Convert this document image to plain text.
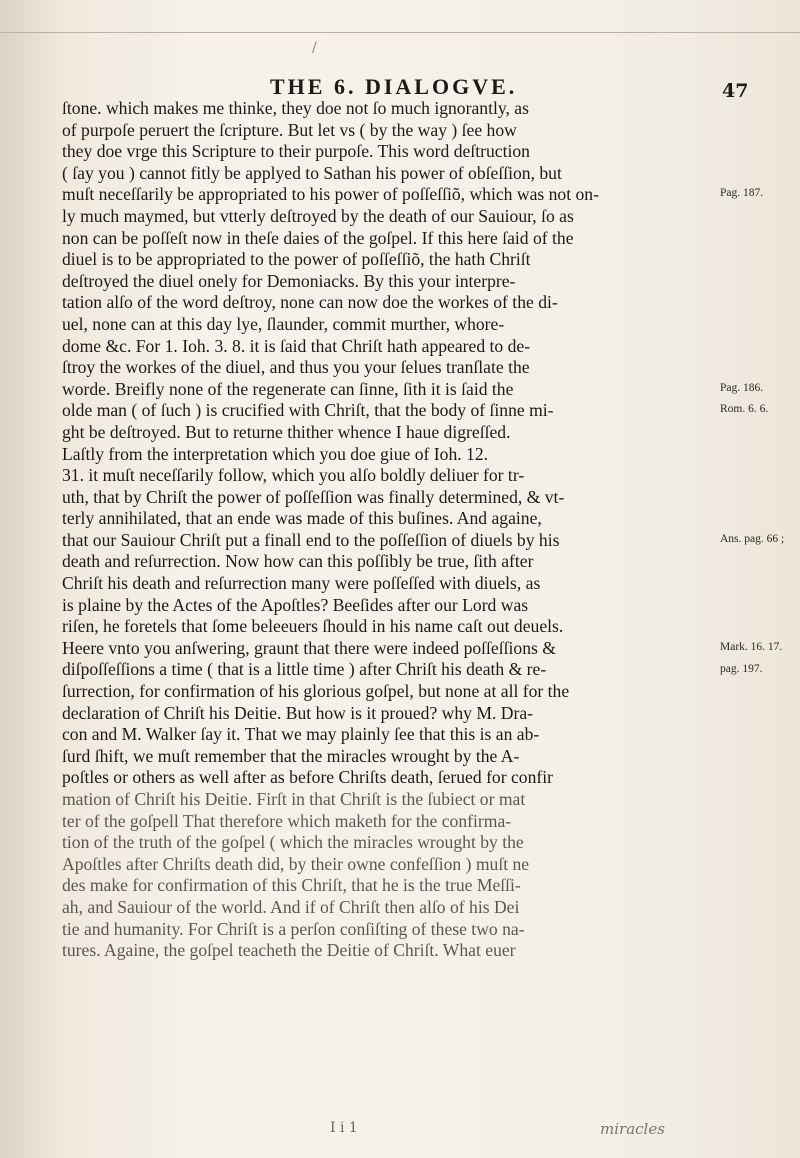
/
THE 6. DIALOGVE.	47
ſtone. which makes me thinke, they doe not ſo much ignorantly, as
of purpoſe peruert the ſcripture. But let vs ( by the way ) ſee how
they doe vrge this Scripture to their purpoſe. This word deſtruction
( ſay you ) cannot fitly be applyed to Sathan his power of obſeſſion, but
muſt neceſſarily be appropriated to his power of poſſeſſiõ, which was not on-
ly much maymed, but vtterly deſtroyed by the death of our Sauiour, ſo as
non can be poſſeſt now in theſe daies of the goſpel. If this here ſaid of the
diuel is to be appropriated to the power of poſſeſſiõ, the hath Chriſt
deſtroyed the diuel onely for Demoniacks. By this your interpre-
tation alſo of the word deſtroy, none can now doe the workes of the di-
uel, none can at this day lye, ſlaunder, commit murther, whore-
dome &c. For 1. Ioh. 3. 8. it is ſaid that Chriſt hath appeared to de-
ſtroy the workes of the diuel, and thus you your ſelues tranſlate the
worde. Breifly none of the regenerate can ſinne, ſith it is ſaid the
olde man ( of ſuch ) is crucified with Chriſt, that the body of ſinne mi-
ght be deſtroyed. But to returne thither whence I haue digreſſed.
Laſtly from the interpretation which you doe giue of Ioh. 12.
31. it muſt neceſſarily follow, which you alſo boldly deliuer for tr-
uth, that by Chriſt the power of poſſeſſion was finally determined, & vt-
terly annihilated, that an ende was made of this buſines. And againe,
that our Sauiour Chriſt put a finall end to the poſſeſſion of diuels by his
death and reſurrection. Now how can this poſſibly be true, ſith after
Chriſt his death and reſurrection many were poſſeſſed with diuels, as
is plaine by the Actes of the Apoſtles? Beeſides after our Lord was
riſen, he foretels that ſome beleeuers ſhould in his name caſt out deuels.
Heere vnto you anſwering, graunt that there were indeed poſſeſſions &
diſpoſſeſſions a time ( that is a little time ) after Chriſt his death & re-
ſurrection, for confirmation of his glorious goſpel, but none at all for the
declaration of Chriſt his Deitie. But how is it proued? why M. Dra-
con and M. Walker ſay it. That we may plainly ſee that this is an ab-
ſurd ſhift, we muſt remember that the miracles wrought by the A-
poſtles or others as well after as before Chriſts death, ſerued for confir
mation of Chriſt his Deitie. Firſt in that Chriſt is the ſubiect or mat
ter of the goſpell That therefore which maketh for the confirma-
tion of the truth of the goſpel ( which the miracles wrought by the
Apoſtles after Chriſts death did, by their owne confeſſion ) muſt ne
des make for confirmation of this Chriſt, that he is the true Meſſi-
ah, and Sauiour of the world. And if of Chriſt then alſo of his Dei
tie and humanity. For Chriſt is a perſon conſiſting of these two na-
tures. Againe, the goſpel teacheth the Deitie of Chriſt. What euer
Pag. 187.
Pag. 186.
Rom. 6. 6.
Ans. pag. 66 ;
Mark. 16. 17.
pag. 197.
I i 1	miracles
